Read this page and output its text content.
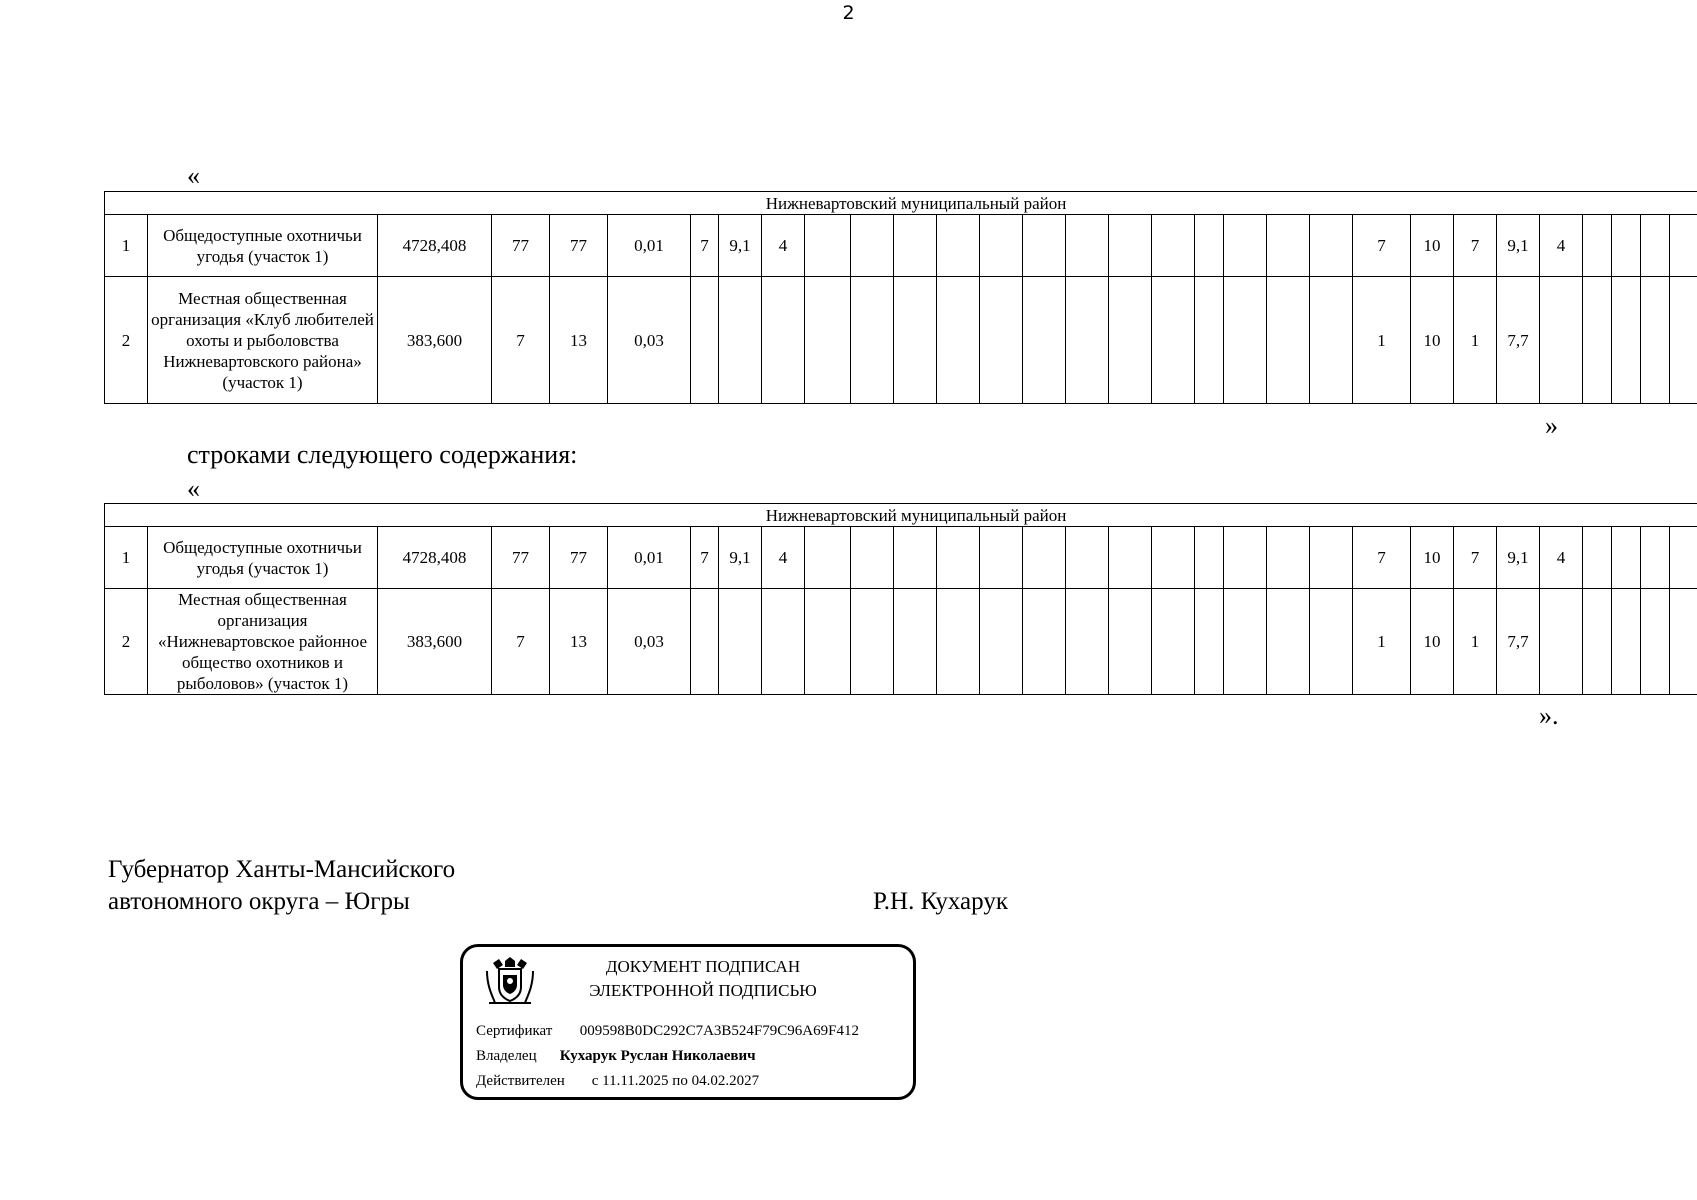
2
«
Нижневартовский муниципальный район																															
1	Общедоступные охотничьи угодья (участок 1)	4728,408	77	77	0,01	7	9,1	4														7	10	7	9,1	4					
2	Местная общественная организация «Клуб любителей охоты и рыболовства Нижневартовского района» (участок 1)	383,600	7	13	0,03																	1	10	1	7,7						
»
строками следующего содержания:
«
Нижневартовский муниципальный район																															
1	Общедоступные охотничьи угодья (участок 1)	4728,408	77	77	0,01	7	9,1	4														7	10	7	9,1	4					
2	Местная общественная организация «Нижневартовское районное общество охотников и рыболовов» (участок 1)	383,600	7	13	0,03																	1	10	1	7,7						
».
Губернатор Ханты-Мансийского
автономного округа – Югры	Р.Н. Кухарук
ДОКУМЕНТ ПОДПИСАН
ЭЛЕКТРОННОЙ ПОДПИСЬЮ
Сертификат 009598B0DC292C7A3B524F79C96A69F412
Владелец Кухарук Руслан Николаевич
Действителен с 11.11.2025 по 04.02.2027
